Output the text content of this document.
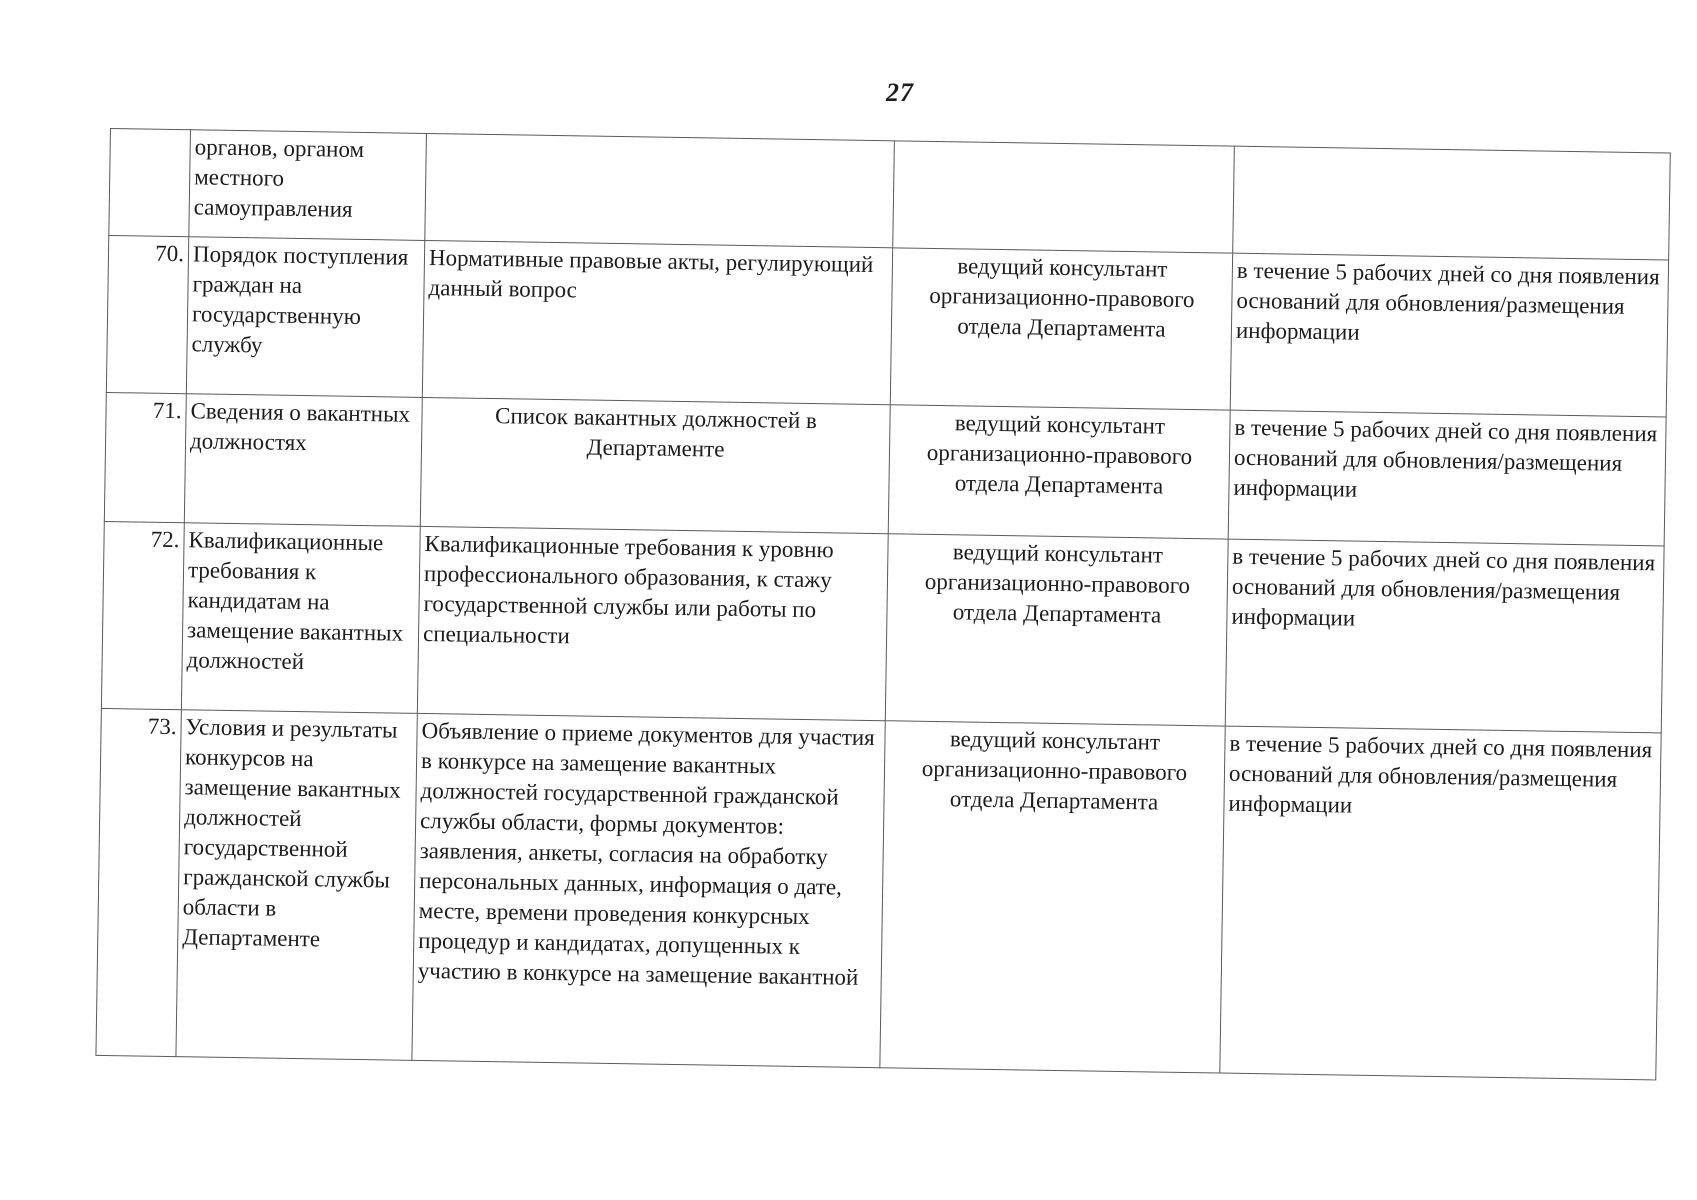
27
	органов, органом местного самоуправления			
70.	Порядок поступления граждан на государственную службу	Нормативные правовые акты, регулирующий данный вопрос	ведущий консультант организационно-правового отдела Департамента	в течение 5 рабочих дней со дня появления оснований для обновления/размещения информации
71.	Сведения о вакантных должностях	Список вакантных должностей в Департаменте	ведущий консультант организационно-правового отдела Департамента	в течение 5 рабочих дней со дня появления оснований для обновления/размещения информации
72.	Квалификационные требования к кандидатам на замещение вакантных должностей	Квалификационные требования к уровню профессионального образования, к стажу государственной службы или работы по специальности	ведущий консультант организационно-правового отдела Департамента	в течение 5 рабочих дней со дня появления оснований для обновления/размещения информации
73.	Условия и результаты конкурсов на замещение вакантных должностей государственной гражданской службы области в Департаменте	Объявление о приеме документов для участия в конкурсе на замещение вакантных должностей государственной гражданской службы области, формы документов: заявления, анкеты, согласия на обработку персональных данных, информация о дате, месте, времени проведения конкурсных процедур и кандидатах, допущенных к участию в конкурсе на замещение вакантной	ведущий консультант организационно-правового отдела Департамента	в течение 5 рабочих дней со дня появления оснований для обновления/размещения информации
